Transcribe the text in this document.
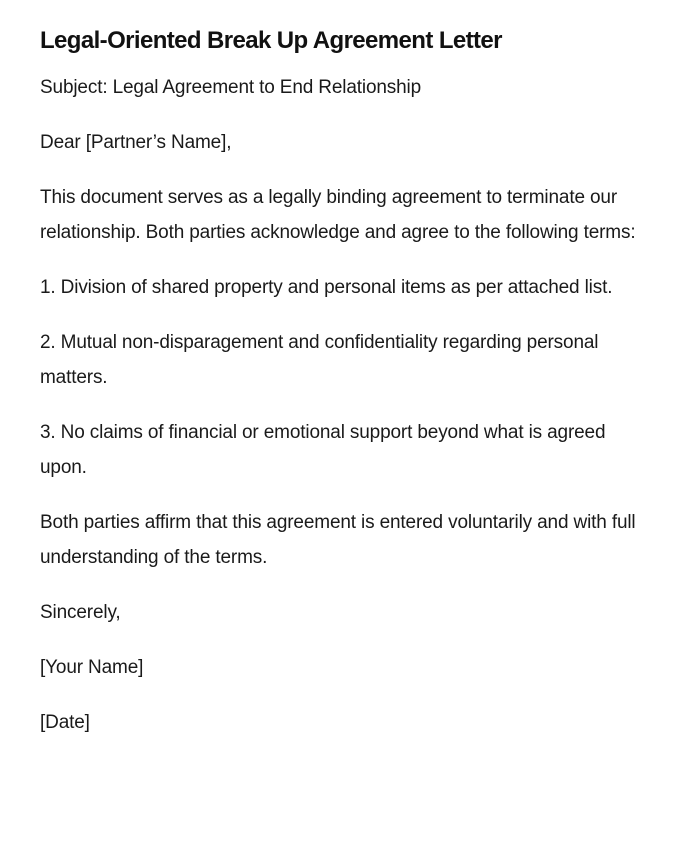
Legal-Oriented Break Up Agreement Letter

Subject: Legal Agreement to End Relationship

Dear [Partner’s Name],

This document serves as a legally binding agreement to terminate our relationship. Both parties acknowledge and agree to the following terms:

1. Division of shared property and personal items as per attached list.

2. Mutual non-disparagement and confidentiality regarding personal matters.

3. No claims of financial or emotional support beyond what is agreed upon.

Both parties affirm that this agreement is entered voluntarily and with full understanding of the terms.

Sincerely,

[Your Name]

[Date]
